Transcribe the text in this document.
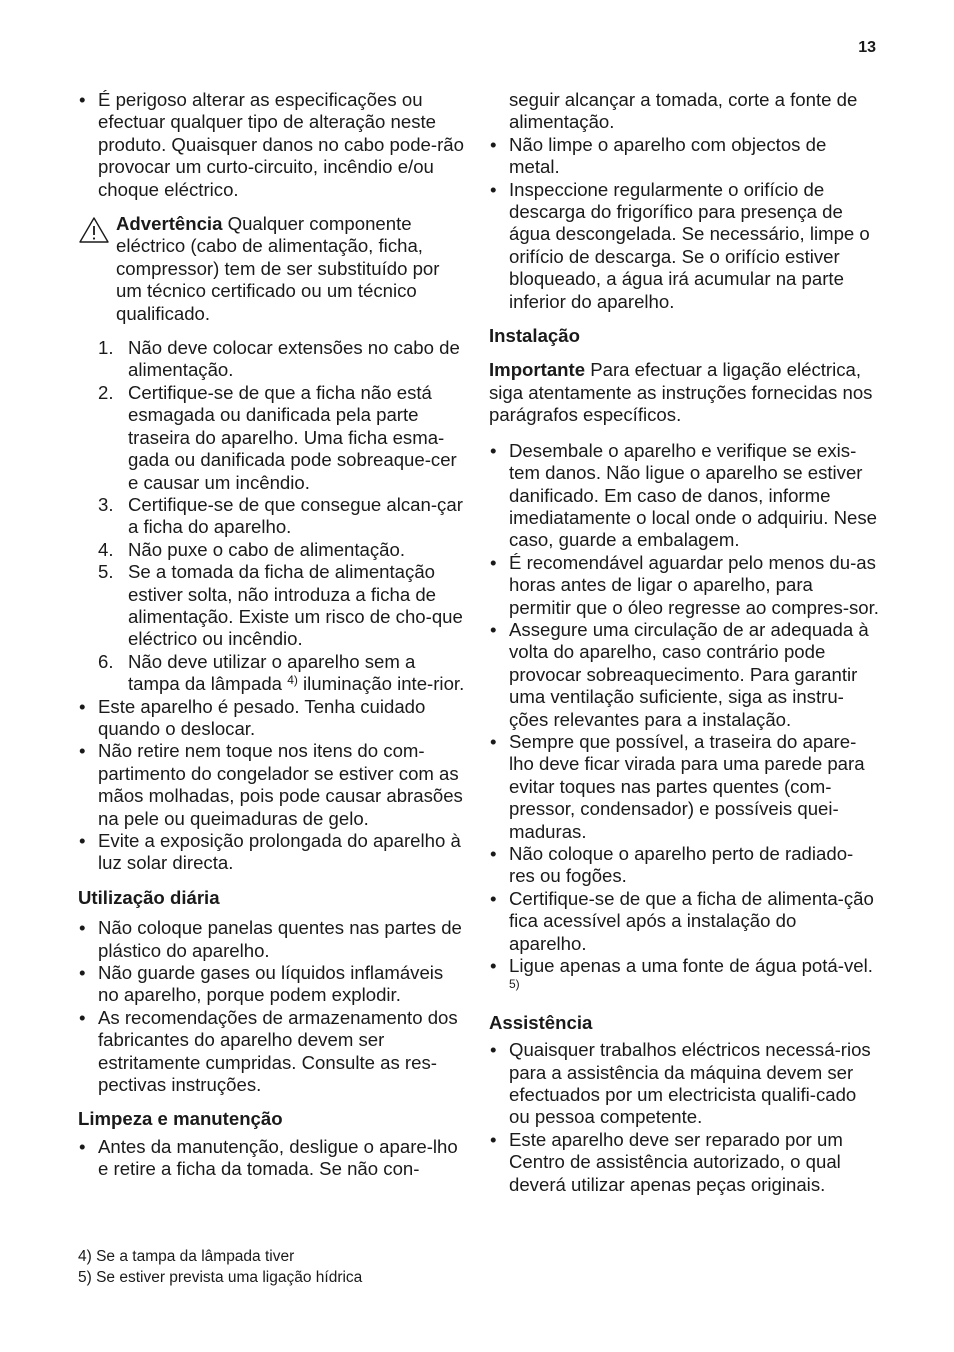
13
• É perigoso alterar as especificações ou efectuar qualquer tipo de alteração neste produto. Quaisquer danos no cabo pode-rão provocar um curto-circuito, incêndio e/ou choque eléctrico.

Advertência Qualquer componente eléctrico (cabo de alimentação, ficha, compressor) tem de ser substituído por um técnico certificado ou um técnico qualificado.

1. Não deve colocar extensões no cabo de alimentação.
2. Certifique-se de que a ficha não está esmagada ou danificada pela parte traseira do aparelho. Uma ficha esma-gada ou danificada pode sobreaque-cer e causar um incêndio.
3. Certifique-se de que consegue alcan-çar a ficha do aparelho.
4. Não puxe o cabo de alimentação.
5. Se a tomada da ficha de alimentação estiver solta, não introduza a ficha de alimentação. Existe um risco de cho-que eléctrico ou incêndio.
6. Não deve utilizar o aparelho sem a tampa da lâmpada $^{4)}$ iluminação inte-rior.
• Este aparelho é pesado. Tenha cuidado quando o deslocar.
• Não retire nem toque nos itens do com-partimento do congelador se estiver com as mãos molhadas, pois pode causar abrasões na pele ou queimaduras de gelo.
• Evite a exposição prolongada do aparelho à luz solar directa.

Utilização diária

• Não coloque panelas quentes nas partes de plástico do aparelho.
• Não guarde gases ou líquidos inflamáveis no aparelho, porque podem explodir.
• As recomendações de armazenamento dos fabricantes do aparelho devem ser estritamente cumpridas. Consulte as res-pectivas instruções.

Limpeza e manutenção

• Antes da manutenção, desligue o apare-lho e retire a ficha da tomada. Se não con-

seguir alcançar a tomada, corte a fonte de alimentação.

• Não limpe o aparelho com objectos de metal.
• Inspeccione regularmente o orifício de descarga do frigorífico para presença de água descongelada. Se necessário, limpe o orifício de descarga. Se o orifício estiver bloqueado, a água irá acumular na parte inferior do aparelho.

Instalação

Importante Para efectuar a ligação eléctrica, siga atentamente as instruções fornecidas nos parágrafos específicos.

• Desembale o aparelho e verifique se exis-tem danos. Não ligue o aparelho se estiver danificado. Em caso de danos, informe imediatamente o local onde o adquiriu. Nese caso, guarde a embalagem.
• É recomendável aguardar pelo menos du-as horas antes de ligar o aparelho, para permitir que o óleo regresse ao compres-sor.
• Assegure uma circulação de ar adequada à volta do aparelho, caso contrário pode provocar sobreaquecimento. Para garantir uma ventilação suficiente, siga as instru-ções relevantes para a instalação.
• Sempre que possível, a traseira do apare-lho deve ficar virada para uma parede para evitar toques nas partes quentes (com-pressor, condensador) e possíveis quei-maduras.
• Não coloque o aparelho perto de radiado-res ou fogões.
• Certifique-se de que a ficha de alimenta-ção fica acessível após a instalação do aparelho.
• Ligue apenas a uma fonte de água potá-vel. $^{5)}$

Assistência

• Quaisquer trabalhos eléctricos necessá-rios para a assistência da máquina devem ser efectuados por um electricista qualifi-cado ou pessoa competente.
• Este aparelho deve ser reparado por um Centro de assistência autorizado, o qual deverá utilizar apenas peças originais.

4) Se a tampa da lâmpada tiver

5) Se estiver prevista uma ligação hídrica
